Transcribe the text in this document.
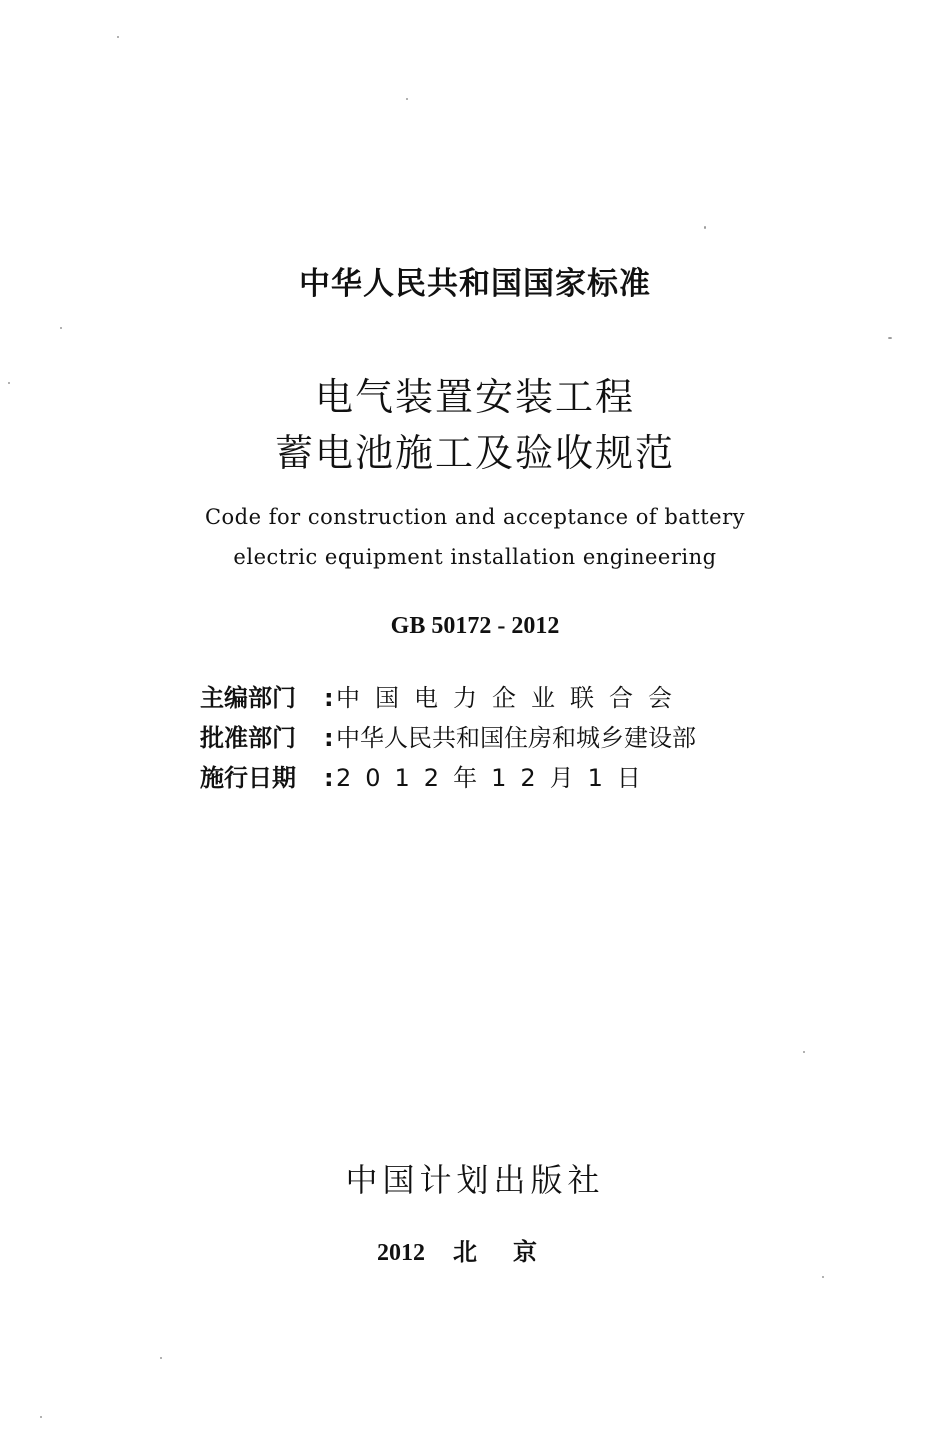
中华人民共和国国家标准
电气装置安装工程
蓄电池施工及验收规范
Code for construction and acceptance of battery
electric equipment installation engineering
GB 50172 - 2012
主编部门	: 中国电力企业联合会
批准部门	: 中华人民共和国住房和城乡建设部
施行日期	: 2012年12月1日
中国计划出版社
2012 北京
